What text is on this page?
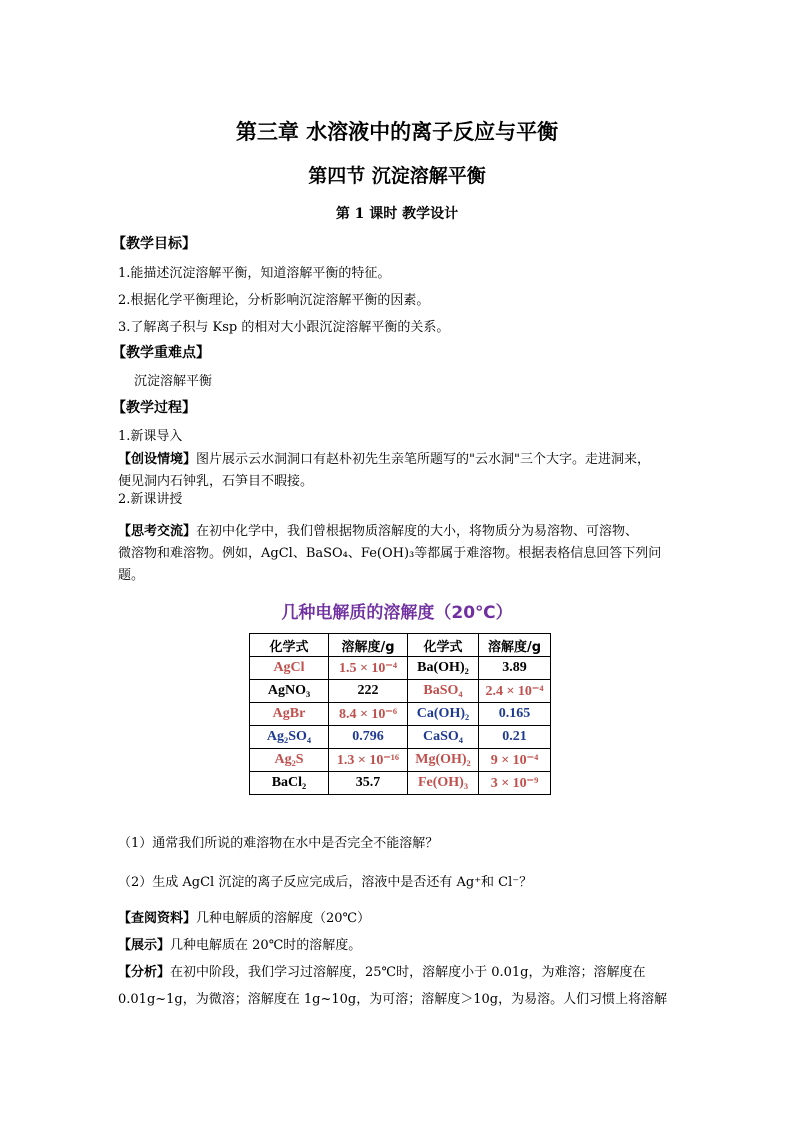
第三章 水溶液中的离子反应与平衡
第四节 沉淀溶解平衡
第 1 课时 教学设计
【教学目标】
1.能描述沉淀溶解平衡，知道溶解平衡的特征。
2.根据化学平衡理论，分析影响沉淀溶解平衡的因素。
3.了解离子积与 Ksp 的相对大小跟沉淀溶解平衡的关系。
【教学重难点】
沉淀溶解平衡
【教学过程】
1.新课导入
【创设情境】图片展示云水洞洞口有赵朴初先生亲笔所题写的"云水洞"三个大字。走进洞来，
便见洞内石钟乳，石笋目不暇接。
2.新课讲授
【思考交流】在初中化学中，我们曾根据物质溶解度的大小，将物质分为易溶物、可溶物、
微溶物和难溶物。例如，AgCl、BaSO₄、Fe(OH)₃等都属于难溶物。根据表格信息回答下列问
题。
几种电解质的溶解度（20℃）
化学式	溶解度/g	化学式	溶解度/g
AgCl	1.5 × 10⁻⁴	Ba(OH)₂	3.89
AgNO₃	222	BaSO₄	2.4 × 10⁻⁴
AgBr	8.4 × 10⁻⁶	Ca(OH)₂	0.165
Ag₂SO₄	0.796	CaSO₄	0.21
Ag₂S	1.3 × 10⁻¹⁶	Mg(OH)₂	9 × 10⁻⁴
BaCl₂	35.7	Fe(OH)₃	3 × 10⁻⁹
（1）通常我们所说的难溶物在水中是否完全不能溶解？
（2）生成 AgCl 沉淀的离子反应完成后，溶液中是否还有 Ag⁺和 Cl⁻？
【查阅资料】几种电解质的溶解度（20℃）
【展示】几种电解质在 20℃时的溶解度。
【分析】在初中阶段，我们学习过溶解度，25℃时，溶解度小于 0.01g，为难溶；溶解度在
0.01g~1g，为微溶；溶解度在 1g~10g，为可溶；溶解度＞10g，为易溶。人们习惯上将溶解
